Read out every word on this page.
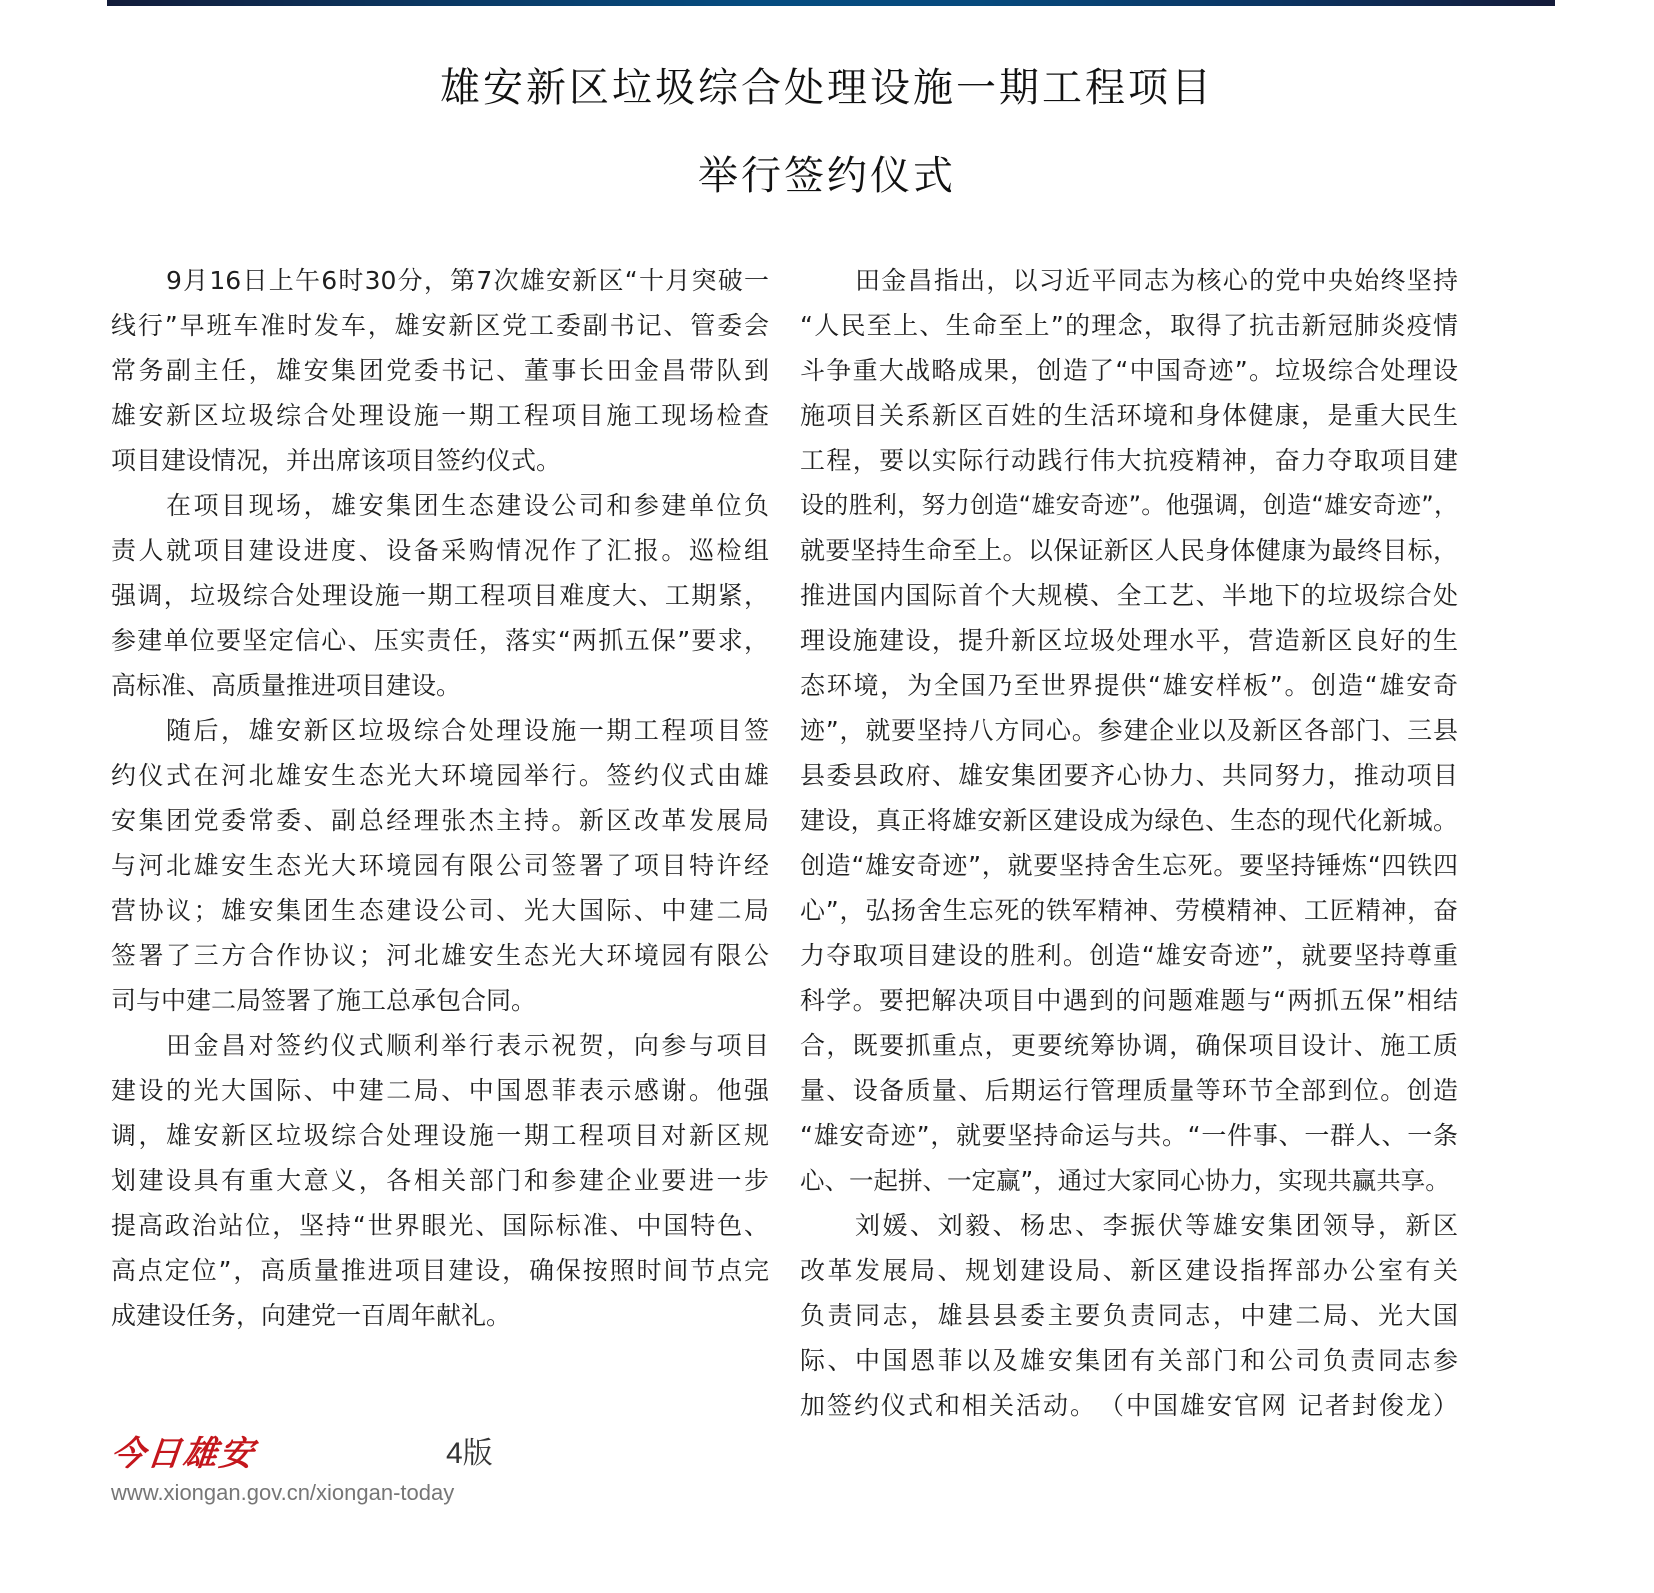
雄安新区垃圾综合处理设施一期工程项目
举行签约仪式
9月16日上午6时30分，第7次雄安新区“十月突破一
线行”早班车准时发车，雄安新区党工委副书记、管委会
常务副主任，雄安集团党委书记、董事长田金昌带队到
雄安新区垃圾综合处理设施一期工程项目施工现场检查
项目建设情况，并出席该项目签约仪式。
在项目现场，雄安集团生态建设公司和参建单位负
责人就项目建设进度、设备采购情况作了汇报。巡检组
强调，垃圾综合处理设施一期工程项目难度大、工期紧，
参建单位要坚定信心、压实责任，落实“两抓五保”要求，
高标准、高质量推进项目建设。
随后，雄安新区垃圾综合处理设施一期工程项目签
约仪式在河北雄安生态光大环境园举行。签约仪式由雄
安集团党委常委、副总经理张杰主持。新区改革发展局
与河北雄安生态光大环境园有限公司签署了项目特许经
营协议；雄安集团生态建设公司、光大国际、中建二局
签署了三方合作协议；河北雄安生态光大环境园有限公
司与中建二局签署了施工总承包合同。
田金昌对签约仪式顺利举行表示祝贺，向参与项目
建设的光大国际、中建二局、中国恩菲表示感谢。他强
调，雄安新区垃圾综合处理设施一期工程项目对新区规
划建设具有重大意义，各相关部门和参建企业要进一步
提高政治站位，坚持“世界眼光、国际标准、中国特色、
高点定位”，高质量推进项目建设，确保按照时间节点完
成建设任务，向建党一百周年献礼。
田金昌指出，以习近平同志为核心的党中央始终坚持
“人民至上、生命至上”的理念，取得了抗击新冠肺炎疫情
斗争重大战略成果，创造了“中国奇迹”。垃圾综合处理设
施项目关系新区百姓的生活环境和身体健康，是重大民生
工程，要以实际行动践行伟大抗疫精神，奋力夺取项目建
设的胜利，努力创造“雄安奇迹”。他强调，创造“雄安奇迹”，
就要坚持生命至上。以保证新区人民身体健康为最终目标，
推进国内国际首个大规模、全工艺、半地下的垃圾综合处
理设施建设，提升新区垃圾处理水平，营造新区良好的生
态环境，为全国乃至世界提供“雄安样板”。创造“雄安奇
迹”，就要坚持八方同心。参建企业以及新区各部门、三县
县委县政府、雄安集团要齐心协力、共同努力，推动项目
建设，真正将雄安新区建设成为绿色、生态的现代化新城。
创造“雄安奇迹”，就要坚持舍生忘死。要坚持锤炼“四铁四
心”，弘扬舍生忘死的铁军精神、劳模精神、工匠精神，奋
力夺取项目建设的胜利。创造“雄安奇迹”，就要坚持尊重
科学。要把解决项目中遇到的问题难题与“两抓五保”相结
合，既要抓重点，更要统筹协调，确保项目设计、施工质
量、设备质量、后期运行管理质量等环节全部到位。创造
“雄安奇迹”，就要坚持命运与共。“一件事、一群人、一条
心、一起拼、一定赢”，通过大家同心协力，实现共赢共享。
刘媛、刘毅、杨忠、李振伏等雄安集团领导，新区
改革发展局、规划建设局、新区建设指挥部办公室有关
负责同志，雄县县委主要负责同志，中建二局、光大国
际、中国恩菲以及雄安集团有关部门和公司负责同志参
加签约仪式和相关活动。　（中国雄安官网 记者封俊龙）
今日雄安	4版
www.xiongan.gov.cn/xiongan-today
